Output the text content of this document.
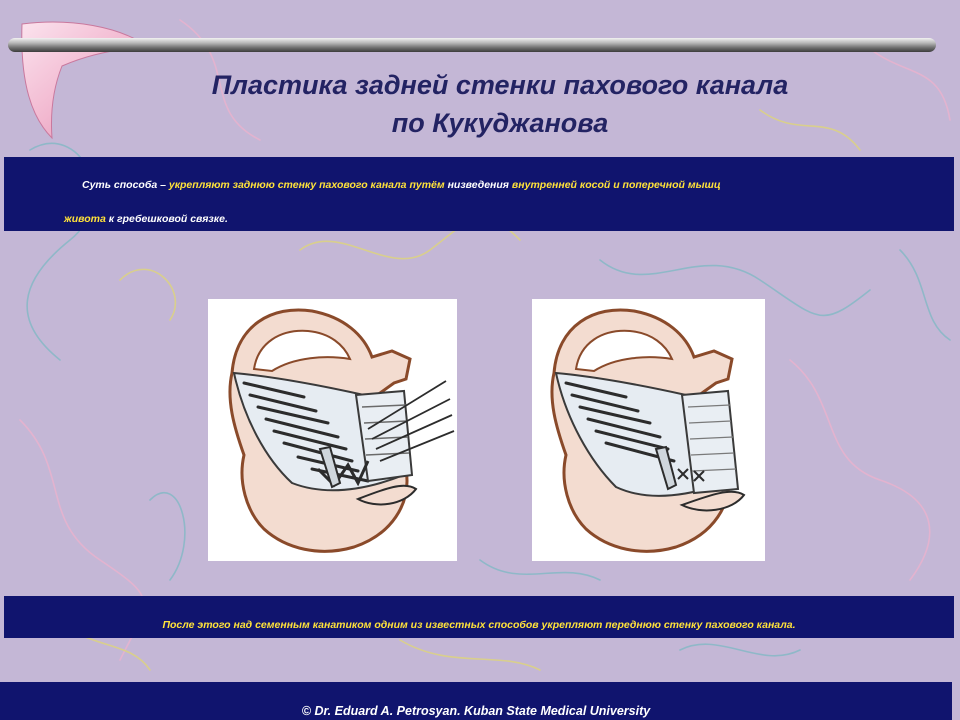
Пластика задней стенки пахового канала
по Кукуджанова
Суть способа – укрепляют заднюю стенку пахового канала путём низведения внутренней косой и поперечной мышц
живота к гребешковой связке.
После этого над семенным канатиком одним из известных способов укрепляют переднюю стенку пахового канала.
© Dr. Eduard A. Petrosyan. Kuban State Medical University
